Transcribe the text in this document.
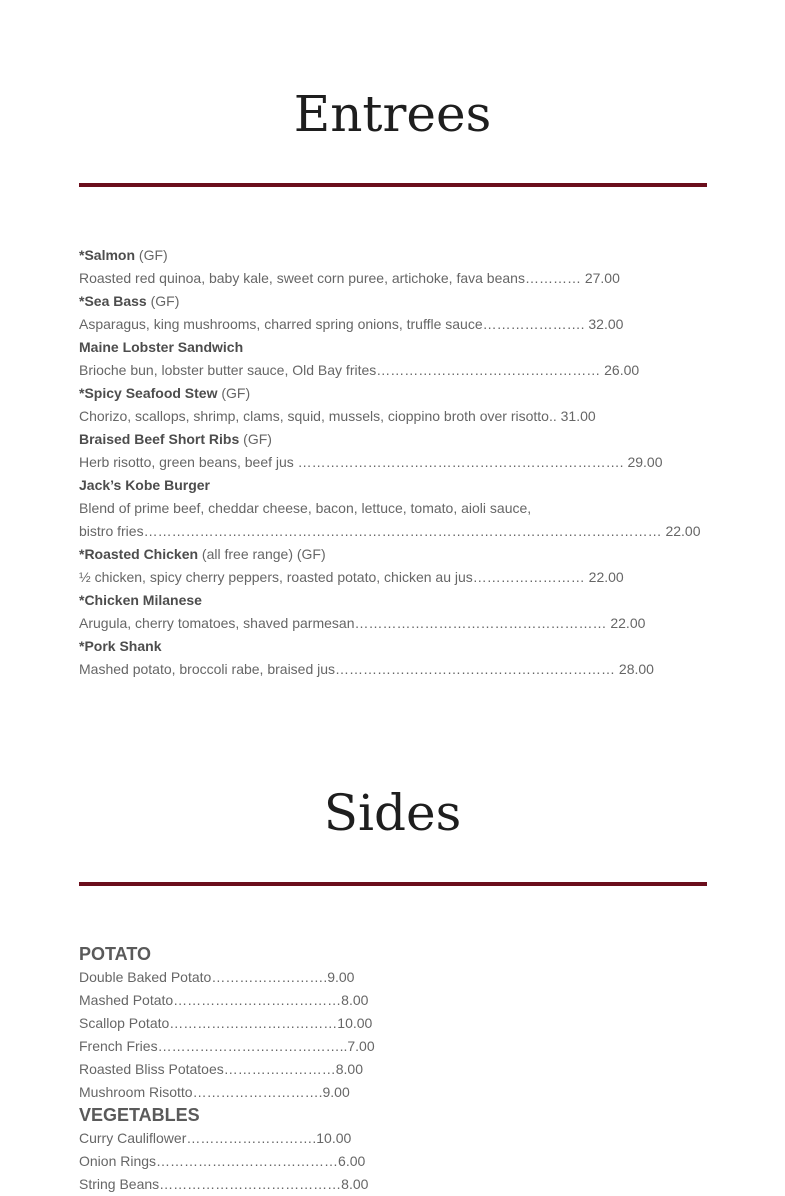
Entrees
*Salmon (GF)
Roasted red quinoa, baby kale, sweet corn puree, artichoke, fava beans………… 27.00
*Sea Bass (GF)
Asparagus, king mushrooms, charred spring onions, truffle sauce…………………. 32.00
Maine Lobster Sandwich
Brioche bun, lobster butter sauce, Old Bay frites………………………………………… 26.00
*Spicy Seafood Stew (GF)
Chorizo, scallops, shrimp, clams, squid, mussels, cioppino broth over risotto.. 31.00
Braised Beef Short Ribs (GF)
Herb risotto, green beans, beef jus ……………………………………………………………. 29.00
Jack’s Kobe Burger
Blend of prime beef, cheddar cheese, bacon, lettuce, tomato, aioli sauce,
bistro fries………………………………………………………………………………………………… 22.00
*Roasted Chicken (all free range) (GF)
½ chicken, spicy cherry peppers, roasted potato, chicken au jus…………………… 22.00
*Chicken Milanese
Arugula, cherry tomatoes, shaved parmesan……………………………………………… 22.00
*Pork Shank
Mashed potato, broccoli rabe, braised jus…………………………………………………… 28.00
Sides
POTATO
Double Baked Potato…………………….9.00
Mashed Potato………………………………8.00
Scallop Potato………………………………10.00
French Fries…………………………………..7.00
Roasted Bliss Potatoes……………………8.00
Mushroom Risotto……………………….9.00
VEGETABLES
Curry Cauliflower……………………….10.00
Onion Rings…………………………………6.00
String Beans…………………………………8.00
